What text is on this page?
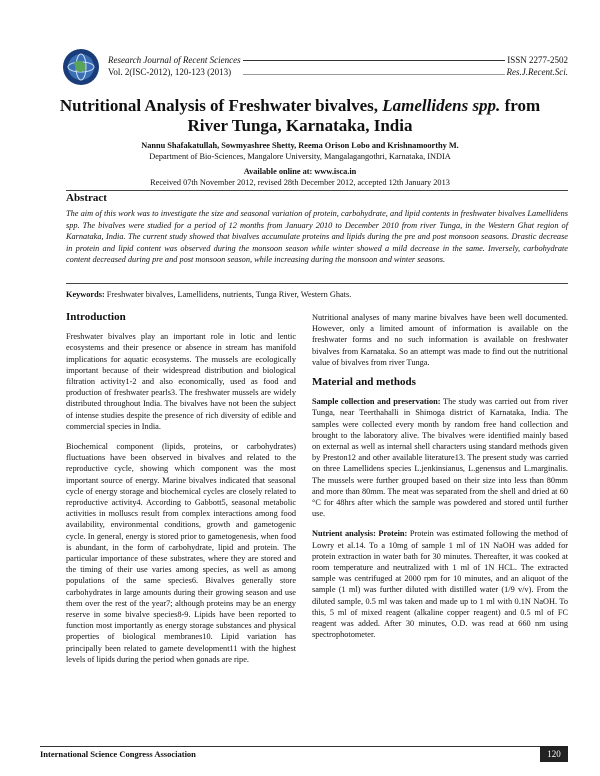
Research Journal of Recent Sciences
Vol. 2(ISC-2012), 120-123 (2013)
ISSN 2277-2502
Res.J.Recent.Sci.
Nutritional Analysis of Freshwater bivalves, Lamellidens spp. from River Tunga, Karnataka, India
Nannu Shafakatullah, Sowmyashree Shetty, Reema Orison Lobo and Krishnamoorthy M.
Department of Bio-Sciences, Mangalore University, Mangalagangothri, Karnataka, INDIA
Available online at: www.isca.in
Received 07th November 2012, revised 28th December 2012, accepted 12th January 2013
Abstract
The aim of this work was to investigate the size and seasonal variation of protein, carbohydrate, and lipid contents in freshwater bivalves Lamellidens spp. The bivalves were studied for a period of 12 months from January 2010 to December 2010 from river Tunga, in the Western Ghat region of Karnataka, India. The current study showed that bivalves accumulate proteins and lipids during the pre and post monsoon seasons. Drastic decrease in protein and lipid content was observed during the monsoon season while winter showed a mild decrease in the same. Inversely, carbohydrate content decreased during pre and post monsoon season, while increasing during the monsoon and winter seasons.
Keywords: Freshwater bivalves, Lamellidens, nutrients, Tunga River, Western Ghats.
Introduction

Freshwater bivalves play an important role in lotic and lentic ecosystems and their presence or absence in stream has manifold implications for aquatic ecosystems. The mussels are ecologically important because of their widespread distribution and biological filtration activity1-2 and also economically, used as food and production of freshwater pearls3. The freshwater mussels are widely distributed throughout India. The bivalves have not been the subject of intense studies despite the presence of rich diversity of edible and commercial species in India.

Biochemical component (lipids, proteins, or carbohydrates) fluctuations have been observed in bivalves and related to the reproductive cycle, showing which component was the most important source of energy. Marine bivalves indicated that seasonal cycle of energy storage and biochemical cycles are closely related to reproductive activity4. According to Gabbott5, seasonal metabolic activities in molluscs result from complex interactions among food availability, environmental conditions, growth and gametogenic cycle. In general, energy is stored prior to gametogenesis, when food is abundant, in the form of carbohydrate, lipid and protein. The particular importance of these substrates, where they are stored and the timing of their use varies among species, as well as among populations of the same species6. Bivalves generally store carbohydrates in large amounts during their growing season and use them over the rest of the year7; although proteins may be an energy reserve in some bivalve species8-9. Lipids have been reported to function most importantly as energy storage substances and physical properties of biological membranes10. Lipid variation has principally been related to gamete development11 with the highest levels of lipids during the period when gonads are ripe.

Nutritional analyses of many marine bivalves have been well documented. However, only a limited amount of information is available on the freshwater forms and no such information is available on freshwater bivalves from Karnataka. So an attempt was made to find out the nutritional value of bivalves from river Tunga.

Material and methods

Sample collection and preservation: The study was carried out from river Tunga, near Teerthahalli in Shimoga district of Karnataka, India. The samples were collected every month by random free hand collection and brought to the laboratory alive. The bivalves were identified mainly based on external as well as internal shell characters using standard methods given by Preston12 and other available literature13. The present study was carried on three Lamellidens species L.jenkinsianus, L.genensus and L.marginalis. The mussels were further grouped based on their size into less than 80mm and more than 80mm. The meat was separated from the shell and dried at 60 °C for 48hrs after which the sample was powdered and stored until further use.

Nutrient analysis: Protein: Protein was estimated following the method of Lowry et al.14. To a 10mg of sample 1 ml of 1N NaOH was added for protein extraction in water bath for 30 minutes. Thereafter, it was cooked at room temperature and neutralized with 1 ml of 1N HCL. The extracted sample was centrifuged at 2000 rpm for 10 minutes, and an aliquot of the sample (1 ml) was further diluted with distilled water (1/9 v/v). From the diluted sample, 0.5 ml was taken and made up to 1 ml with 0.1N NaOH. To this, 5 ml of mixed reagent (alkaline copper reagent) and 0.5 ml of FC reagent was added. After 30 minutes, O.D. was read at 660 nm using spectrophotometer.

International Science Congress Association	120
